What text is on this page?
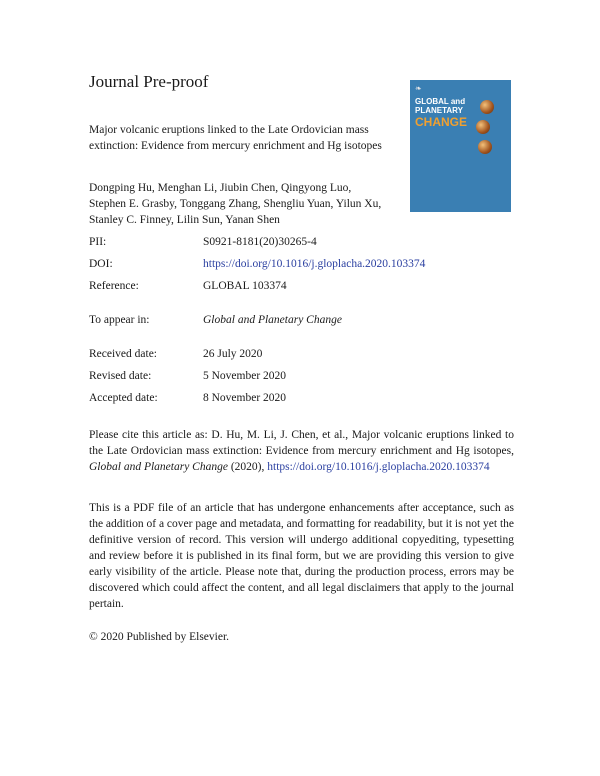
Journal Pre-proof
Major volcanic eruptions linked to the Late Ordovician mass extinction: Evidence from mercury enrichment and Hg isotopes
Dongping Hu, Menghan Li, Jiubin Chen, Qingyong Luo, Stephen E. Grasby, Tonggang Zhang, Shengliu Yuan, Yilun Xu, Stanley C. Finney, Lilin Sun, Yanan Shen
❧
GLOBAL and
PLANETARY
CHANGE
PII:	S0921-8181(20)30265-4
DOI:	https://doi.org/10.1016/j.gloplacha.2020.103374
Reference:	GLOBAL 103374
To appear in:	Global and Planetary Change
Received date:	26 July 2020
Revised date:	5 November 2020
Accepted date:	8 November 2020
Please cite this article as: D. Hu, M. Li, J. Chen, et al., Major volcanic eruptions linked to the Late Ordovician mass extinction: Evidence from mercury enrichment and Hg isotopes, Global and Planetary Change (2020), https://doi.org/10.1016/j.gloplacha.2020.103374
This is a PDF file of an article that has undergone enhancements after acceptance, such as the addition of a cover page and metadata, and formatting for readability, but it is not yet the definitive version of record. This version will undergo additional copyediting, typesetting and review before it is published in its final form, but we are providing this version to give early visibility of the article. Please note that, during the production process, errors may be discovered which could affect the content, and all legal disclaimers that apply to the journal pertain.
© 2020 Published by Elsevier.
